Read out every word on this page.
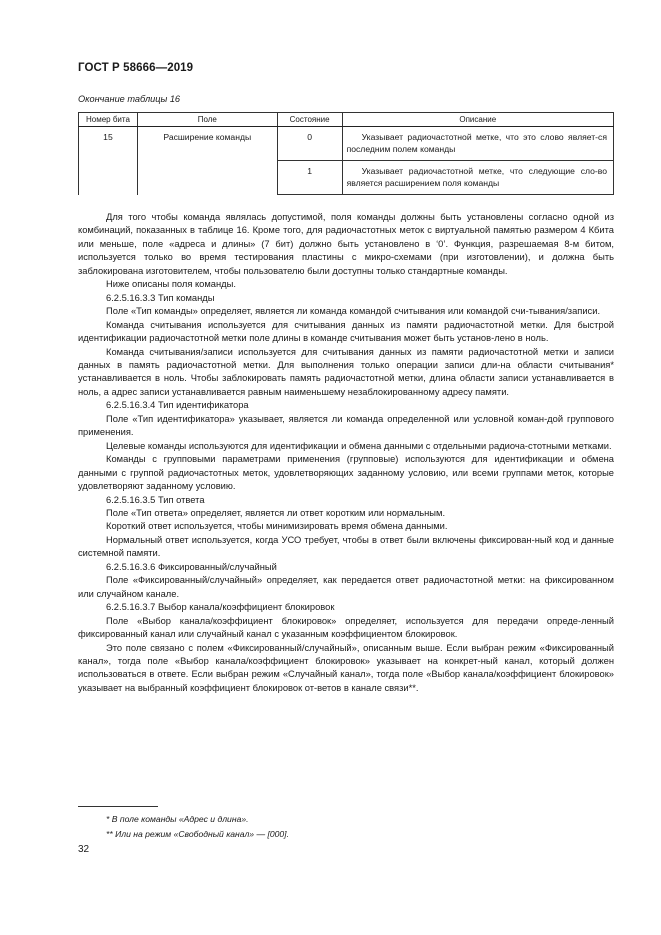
ГОСТ Р 58666—2019
Окончание таблицы 16
Номер бита	Поле	Состояние	Описание
15	Расширение команды	0	Указывает радиочастотной метке, что это слово являет-ся последним полем команды
		1	Указывает радиочастотной метке, что следующие сло-во является расширением поля команды

Для того чтобы команда являлась допустимой, поля команды должны быть установлены согласно одной из комбинаций, показанных в таблице 16. Кроме того, для радиочастотных меток с виртуальной памятью размером 4 Кбита или меньше, поле «адреса и длины» (7 бит) должно быть установлено в ‘0’. Функция, разрешаемая 8-м битом, используется только во время тестирования пластины с микро-схемами (при изготовлении), и должна быть заблокирована изготовителем, чтобы пользователю были доступны только стандартные команды.

Ниже описаны поля команды.

6.2.5.16.3.3 Тип команды

Поле «Тип команды» определяет, является ли команда командой считывания или командой счи-тывания/записи.

Команда считывания используется для считывания данных из памяти радиочастотной метки. Для быстрой идентификации радиочастотной метки поле длины в команде считывания может быть установ-лено в ноль.

Команда считывания/записи используется для считывания данных из памяти радиочастотной метки и записи данных в память радиочастотной метки. Для выполнения только операции записи дли-на области считывания* устанавливается в ноль. Чтобы заблокировать память радиочастотной метки, длина области записи устанавливается в ноль, а адрес записи устанавливается равным наименьшему незаблокированному адресу памяти.

6.2.5.16.3.4 Тип идентификатора

Поле «Тип идентификатора» указывает, является ли команда определенной или условной коман-дой группового применения.

Целевые команды используются для идентификации и обмена данными с отдельными радиоча-стотными метками.

Команды с групповыми параметрами применения (групповые) используются для идентификации и обмена данными с группой радиочастотных меток, удовлетворяющих заданному условию, или всеми группами меток, которые удовлетворяют заданному условию.

6.2.5.16.3.5 Тип ответа

Поле «Тип ответа» определяет, является ли ответ коротким или нормальным.

Короткий ответ используется, чтобы минимизировать время обмена данными.

Нормальный ответ используется, когда УСО требует, чтобы в ответ были включены фиксирован-ный код и данные системной памяти.

6.2.5.16.3.6 Фиксированный/случайный

Поле «Фиксированный/случайный» определяет, как передается ответ радиочастотной метки: на фиксированном или случайном канале.

6.2.5.16.3.7 Выбор канала/коэффициент блокировок

Поле «Выбор канала/коэффициент блокировок» определяет, используется для передачи опреде-ленный фиксированный канал или случайный канал с указанным коэффициентом блокировок.

Это поле связано с полем «Фиксированный/случайный», описанным выше. Если выбран режим «Фиксированный канал», тогда поле «Выбор канала/коэффициент блокировок» указывает на конкрет-ный канал, который должен использоваться в ответе. Если выбран режим «Случайный канал», тогда поле «Выбор канала/коэффициент блокировок» указывает на выбранный коэффициент блокировок от-ветов в канале связи**.

* В поле команды «Адрес и длина».
** Или на режим «Свободный канал» — [000].
32
